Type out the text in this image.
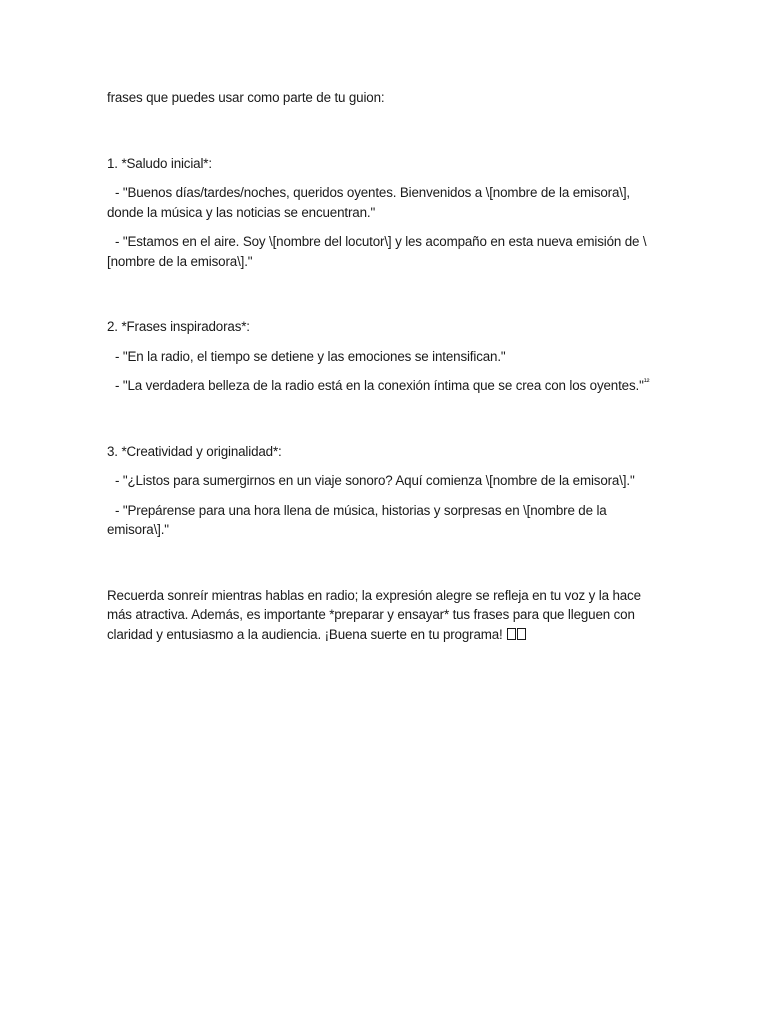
frases que puedes usar como parte de tu guion:

1. *Saludo inicial*:

- "Buenos días/tardes/noches, queridos oyentes. Bienvenidos a \[nombre de la emisora\], donde la música y las noticias se encuentran."

- "Estamos en el aire. Soy \[nombre del locutor\] y les acompaño en esta nueva emisión de \[nombre de la emisora\]."

2. *Frases inspiradoras*:

- "En la radio, el tiempo se detiene y las emociones se intensifican."

- "La verdadera belleza de la radio está en la conexión íntima que se crea con los oyentes."$^{^{12}}$

3. *Creatividad y originalidad*:

- "¿Listos para sumergirnos en un viaje sonoro? Aquí comienza \[nombre de la emisora\]."

- "Prepárense para una hora llena de música, historias y sorpresas en \[nombre de la emisora\]."

Recuerda sonreír mientras hablas en radio; la expresión alegre se refleja en tu voz y la hace más atractiva. Además, es importante *preparar y ensayar* tus frases para que lleguen con claridad y entusiasmo a la audiencia. ¡Buena suerte en tu programa!
